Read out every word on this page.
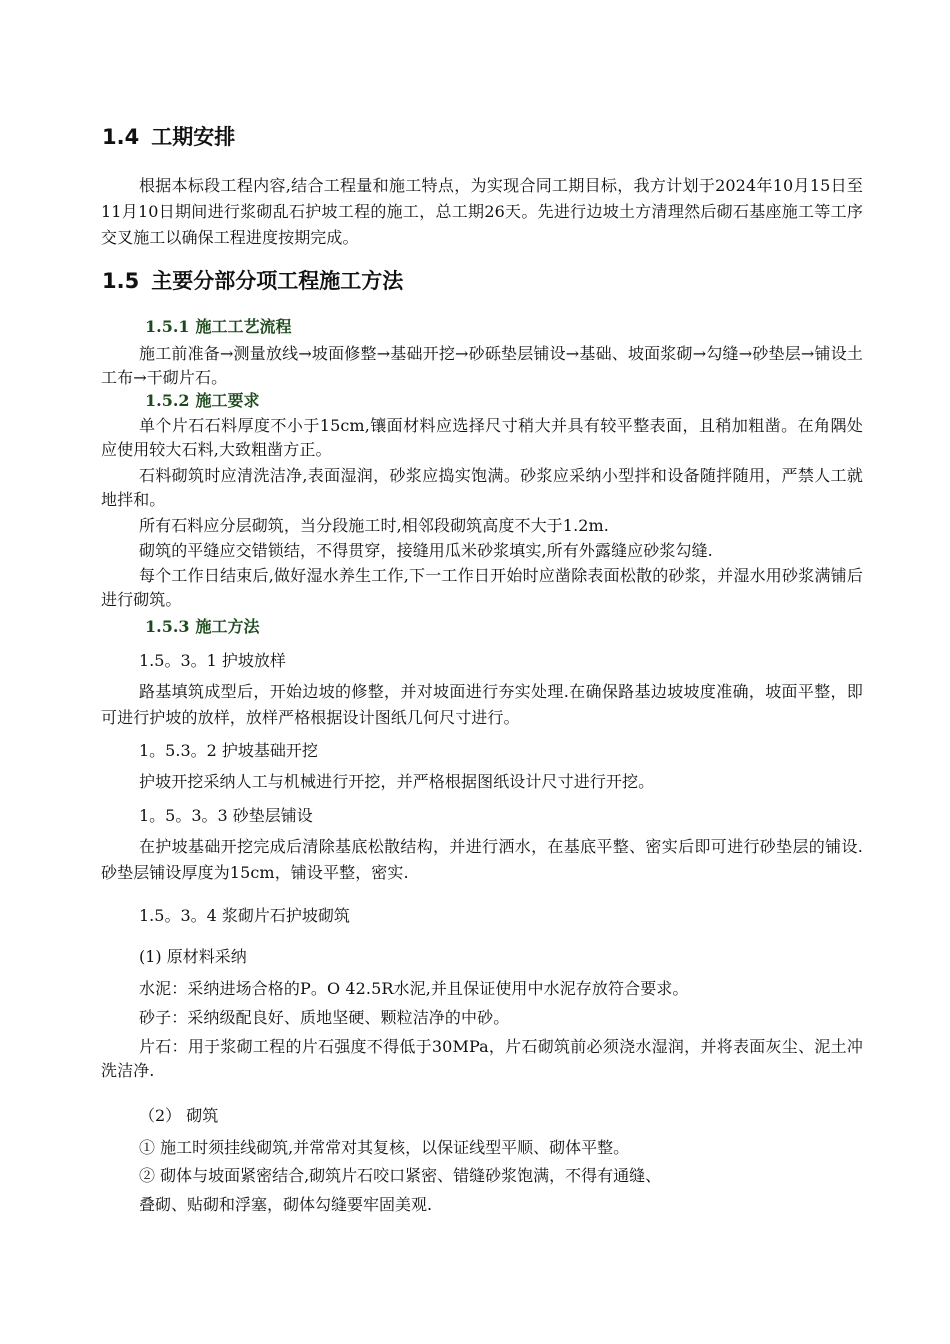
1.4 工期安排
根据本标段工程内容,结合工程量和施工特点，为实现合同工期目标，我方计划于2024年10月15日至11月10日期间进行浆砌乱石护坡工程的施工，总工期26天。先进行边坡土方清理然后砌石基座施工等工序交叉施工以确保工程进度按期完成。
1.5 主要分部分项工程施工方法
1.5.1 施工工艺流程
施工前准备→测量放线→坡面修整→基础开挖→砂砾垫层铺设→基础、坡面浆砌→勾缝→砂垫层→铺设土工布→干砌片石。
1.5.2 施工要求
单个片石石料厚度不小于15cm,镶面材料应选择尺寸稍大并具有较平整表面，且稍加粗凿。在角隅处应使用较大石料,大致粗凿方正。
石料砌筑时应清洗洁净,表面湿润，砂浆应捣实饱满。砂浆应采纳小型拌和设备随拌随用，严禁人工就地拌和。
所有石料应分层砌筑，当分段施工时,相邻段砌筑高度不大于1.2m.
砌筑的平缝应交错锁结，不得贯穿，接缝用瓜米砂浆填实,所有外露缝应砂浆勾缝.
每个工作日结束后,做好湿水养生工作,下一工作日开始时应凿除表面松散的砂浆，并湿水用砂浆满铺后进行砌筑。
1.5.3 施工方法
1.5。3。1 护坡放样
路基填筑成型后，开始边坡的修整，并对坡面进行夯实处理.在确保路基边坡坡度准确，坡面平整，即可进行护坡的放样，放样严格根据设计图纸几何尺寸进行。
1。5.3。2 护坡基础开挖
护坡开挖采纳人工与机械进行开挖，并严格根据图纸设计尺寸进行开挖。
1。5。3。3 砂垫层铺设
在护坡基础开挖完成后清除基底松散结构，并进行洒水，在基底平整、密实后即可进行砂垫层的铺设.砂垫层铺设厚度为15cm，铺设平整，密实.
1.5。3。4 浆砌片石护坡砌筑
(1) 原材料采纳
水泥：采纳进场合格的P。O 42.5R水泥,并且保证使用中水泥存放符合要求。
砂子：采纳级配良好、质地坚硬、颗粒洁净的中砂。
片石：用于浆砌工程的片石强度不得低于30MPa，片石砌筑前必须浇水湿润，并将表面灰尘、泥土冲洗洁净.
（2） 砌筑
① 施工时须挂线砌筑,并常常对其复核，以保证线型平顺、砌体平整。
② 砌体与坡面紧密结合,砌筑片石咬口紧密、错缝砂浆饱满，不得有通缝、
叠砌、贴砌和浮塞，砌体勾缝要牢固美观.
